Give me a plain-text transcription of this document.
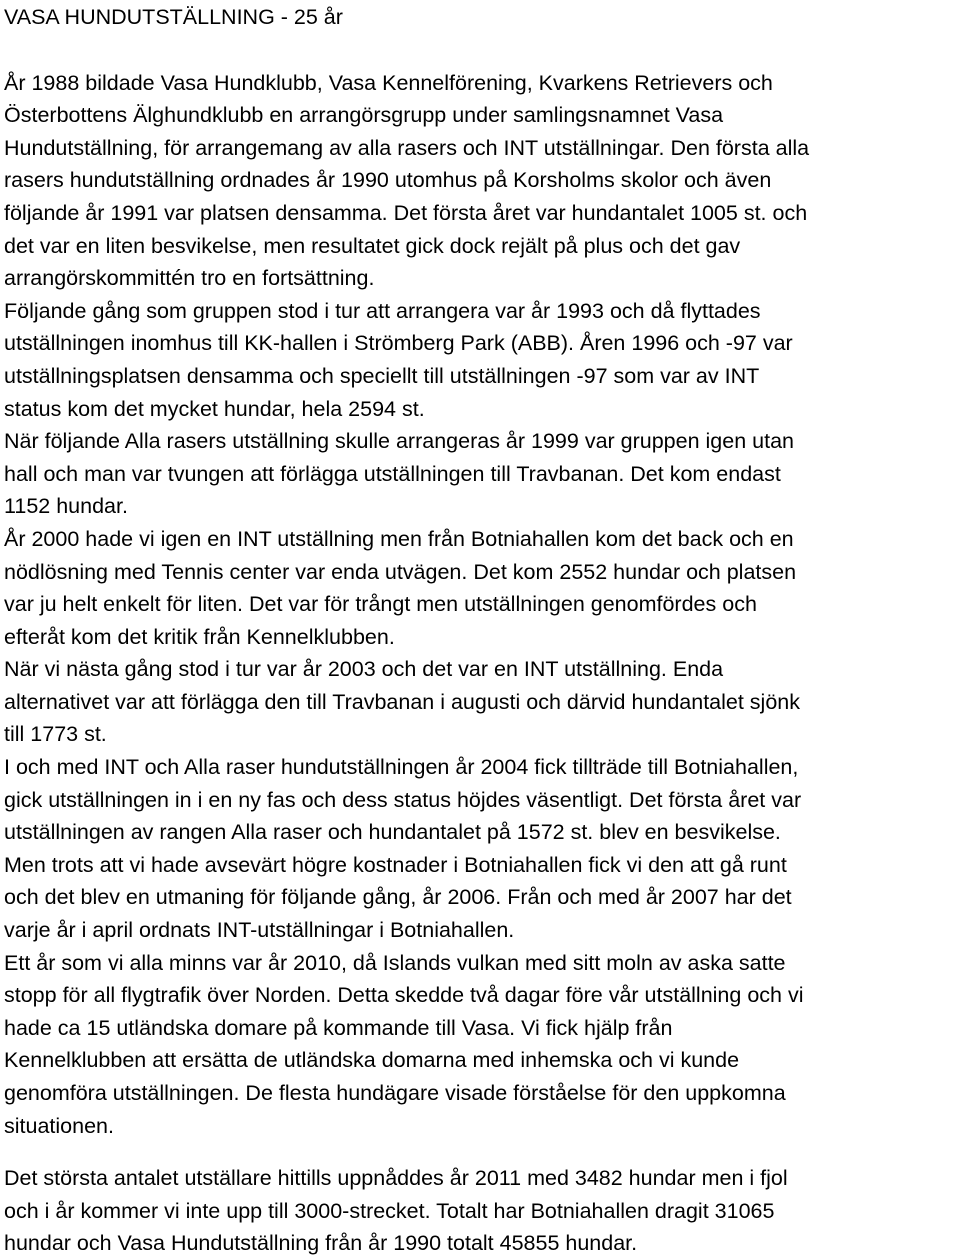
VASA HUNDUTSTÄLLNING - 25 år

År 1988 bildade Vasa Hundklubb, Vasa Kennelförening, Kvarkens Retrievers och

Österbottens Älghundklubb en arrangörsgrupp under samlingsnamnet Vasa

Hundutställning, för arrangemang av alla rasers och INT utställningar. Den första alla

rasers hundutställning ordnades år 1990 utomhus på Korsholms skolor och även

följande år 1991 var platsen densamma. Det första året var hundantalet 1005 st. och

det var en liten besvikelse, men resultatet gick dock rejält på plus och det gav

arrangörskommittén tro en fortsättning.

Följande gång som gruppen stod i tur att arrangera var år 1993 och då flyttades

utställningen inomhus till KK-hallen i Strömberg Park (ABB). Åren 1996 och -97 var

utställningsplatsen densamma och speciellt till utställningen -97 som var av INT

status kom det mycket hundar, hela 2594 st.

När följande Alla rasers utställning skulle arrangeras år 1999 var gruppen igen utan

hall och man var tvungen att förlägga utställningen till Travbanan. Det kom endast

1152 hundar.

År 2000 hade vi igen en INT utställning men från Botniahallen kom det back och en

nödlösning med Tennis center var enda utvägen. Det kom 2552 hundar och platsen

var ju helt enkelt för liten. Det var för trångt men utställningen genomfördes och

efteråt kom det kritik från Kennelklubben.

När vi nästa gång stod i tur var år 2003 och det var en INT utställning. Enda

alternativet var att förlägga den till Travbanan i augusti och därvid hundantalet sjönk

till 1773 st.

I och med INT och Alla raser hundutställningen år 2004 fick tillträde till Botniahallen,

gick utställningen in i en ny fas och dess status höjdes väsentligt. Det första året var

utställningen av rangen Alla raser och hundantalet på 1572 st. blev en besvikelse.

Men trots att vi hade avsevärt högre kostnader i Botniahallen fick vi den att gå runt

och det blev en utmaning för följande gång, år 2006. Från och med år 2007 har det

varje år i april ordnats INT-utställningar i Botniahallen.

Ett år som vi alla minns var år 2010, då Islands vulkan med sitt moln av aska satte

stopp för all flygtrafik över Norden. Detta skedde två dagar före vår utställning och vi

hade ca 15 utländska domare på kommande till Vasa. Vi fick hjälp från

Kennelklubben att ersätta de utländska domarna med inhemska och vi kunde

genomföra utställningen. De flesta hundägare visade förståelse för den uppkomna

situationen.

Det största antalet utställare hittills uppnåddes år 2011 med 3482 hundar men i fjol

och i år kommer vi inte upp till 3000-strecket. Totalt har Botniahallen dragit 31065

hundar och Vasa Hundutställning från år 1990 totalt 45855 hundar.
